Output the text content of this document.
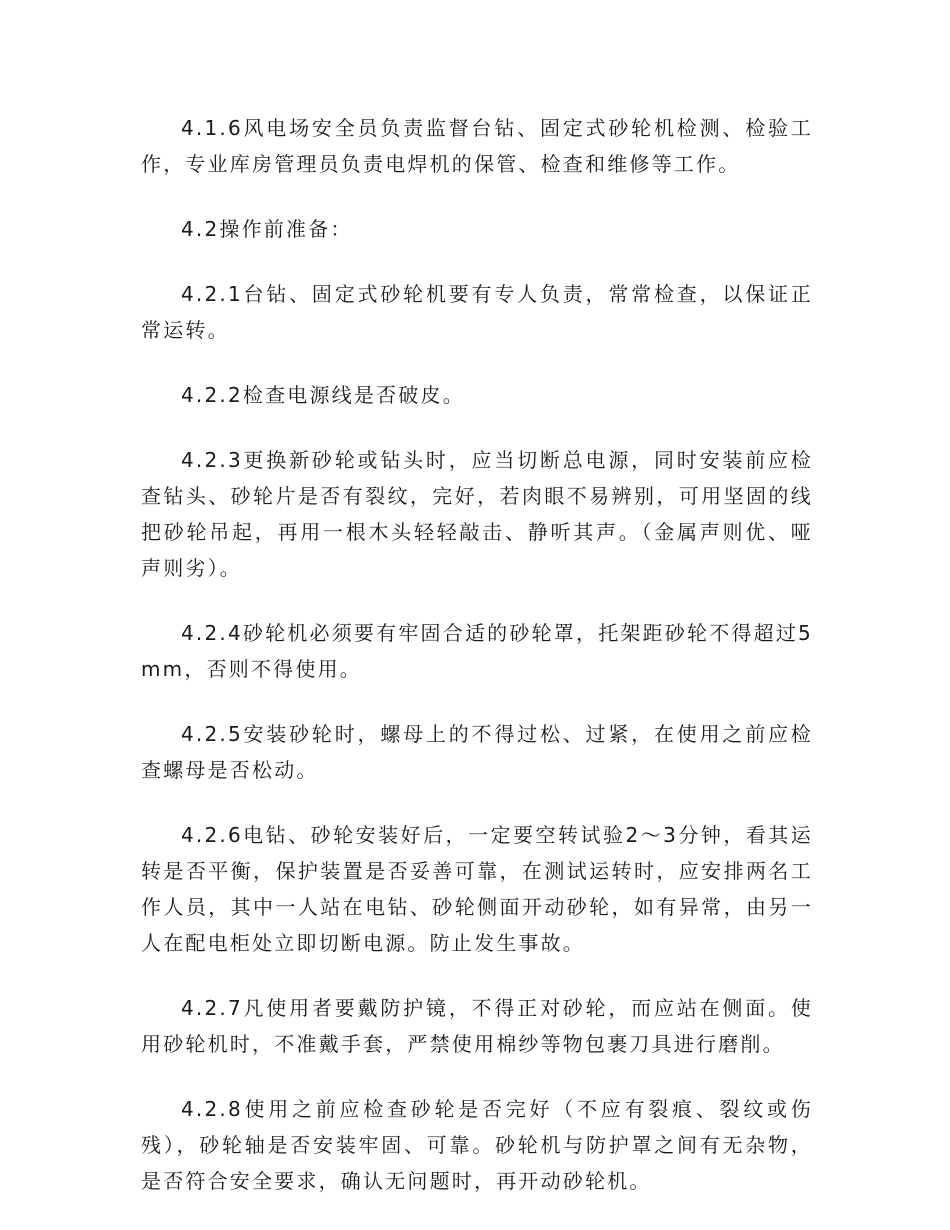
4.1.6风电场安全员负责监督台钻、固定式砂轮机检测、检验工作，专业库房管理员负责电焊机的保管、检查和维修等工作。

4.2操作前准备：

4.2.1台钻、固定式砂轮机要有专人负责，常常检查，以保证正常运转。

4.2.2检查电源线是否破皮。

4.2.3更换新砂轮或钻头时，应当切断总电源，同时安装前应检查钻头、砂轮片是否有裂纹，完好，若肉眼不易辨别，可用坚固的线把砂轮吊起，再用一根木头轻轻敲击、静听其声。（金属声则优、哑声则劣）。

4.2.4砂轮机必须要有牢固合适的砂轮罩，托架距砂轮不得超过5mm，否则不得使用。

4.2.5安装砂轮时，螺母上的不得过松、过紧，在使用之前应检查螺母是否松动。

4.2.6电钻、砂轮安装好后，一定要空转试验2～3分钟，看其运转是否平衡，保护装置是否妥善可靠，在测试运转时，应安排两名工作人员，其中一人站在电钻、砂轮侧面开动砂轮，如有异常，由另一人在配电柜处立即切断电源。防止发生事故。

4.2.7凡使用者要戴防护镜，不得正对砂轮，而应站在侧面。使用砂轮机时，不准戴手套，严禁使用棉纱等物包裹刀具进行磨削。

4.2.8使用之前应检查砂轮是否完好（不应有裂痕、裂纹或伤残），砂轮轴是否安装牢固、可靠。砂轮机与防护罩之间有无杂物，是否符合安全要求，确认无问题时，再开动砂轮机。
